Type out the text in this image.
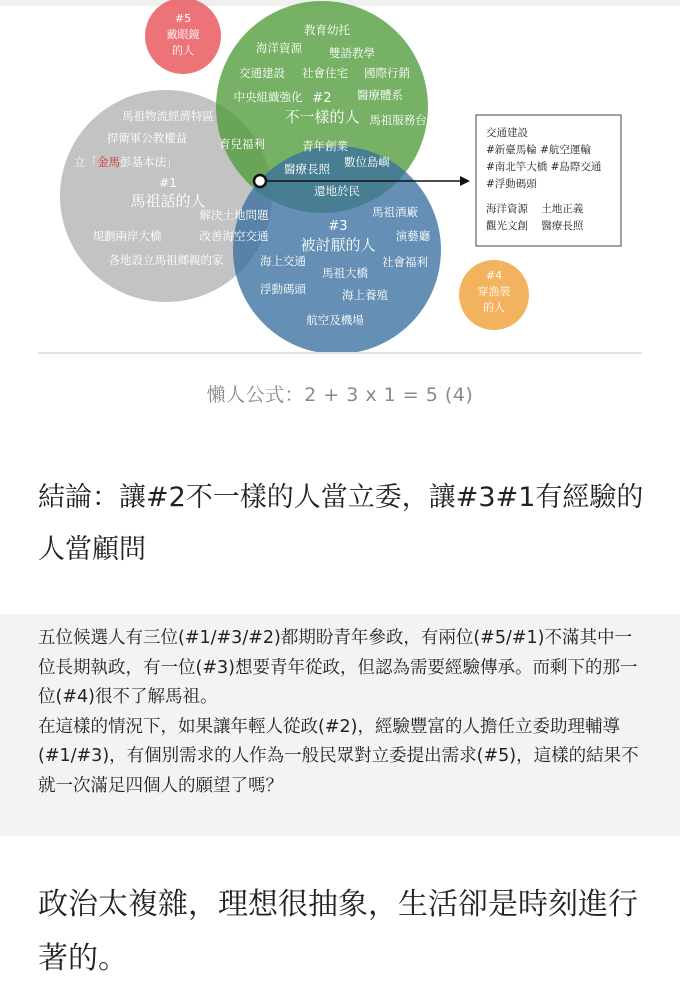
#5
戴眼鏡
的人
#4
穿漁裝
的人
#1
馬祖話的人
#2
不一樣的人
#3
被討厭的人
教育幼托
海洋資源 雙語教學
交通建設 社會住宅 國際行銷
中央組織強化	醫療體系
馬祖服務台
馬祖物流經濟特區
捍衛軍公教權益	育兒福利	青年創業
醫療長照 數位島嶼
還地於民
解決土地問題
改善海空交通
規劃兩岸大橋
各地設立馬祖鄉親的家
馬祖酒廠
演藝廳
海上交通
馬祖大橋
社會福利
浮動碼頭	海上養殖
航空及機場
立「金馬彭基本法」
交通建設
#新臺馬輪 #航空運輸
#南北竿大橋 #島際交通
#浮動碼頭
海洋資源    土地正義
觀光文創    醫療長照
懶人公式：2 + 3 x 1 = 5 (4)
結論：讓#2不一樣的人當立委，讓#3#1有經驗的人當顧問

五位候選人有三位(#1/#3/#2)都期盼青年參政，有兩位(#5/#1)不滿其中一位長期執政，有一位(#3)想要青年從政，但認為需要經驗傳承。而剩下的那一位(#4)很不了解馬祖。

在這樣的情況下，如果讓年輕人從政(#2)，經驗豐富的人擔任立委助理輔導(#1/#3)，有個別需求的人作為一般民眾對立委提出需求(#5)，這樣的結果不就一次滿足四個人的願望了嗎？

政治太複雜，理想很抽象，生活卻是時刻進行著的。
